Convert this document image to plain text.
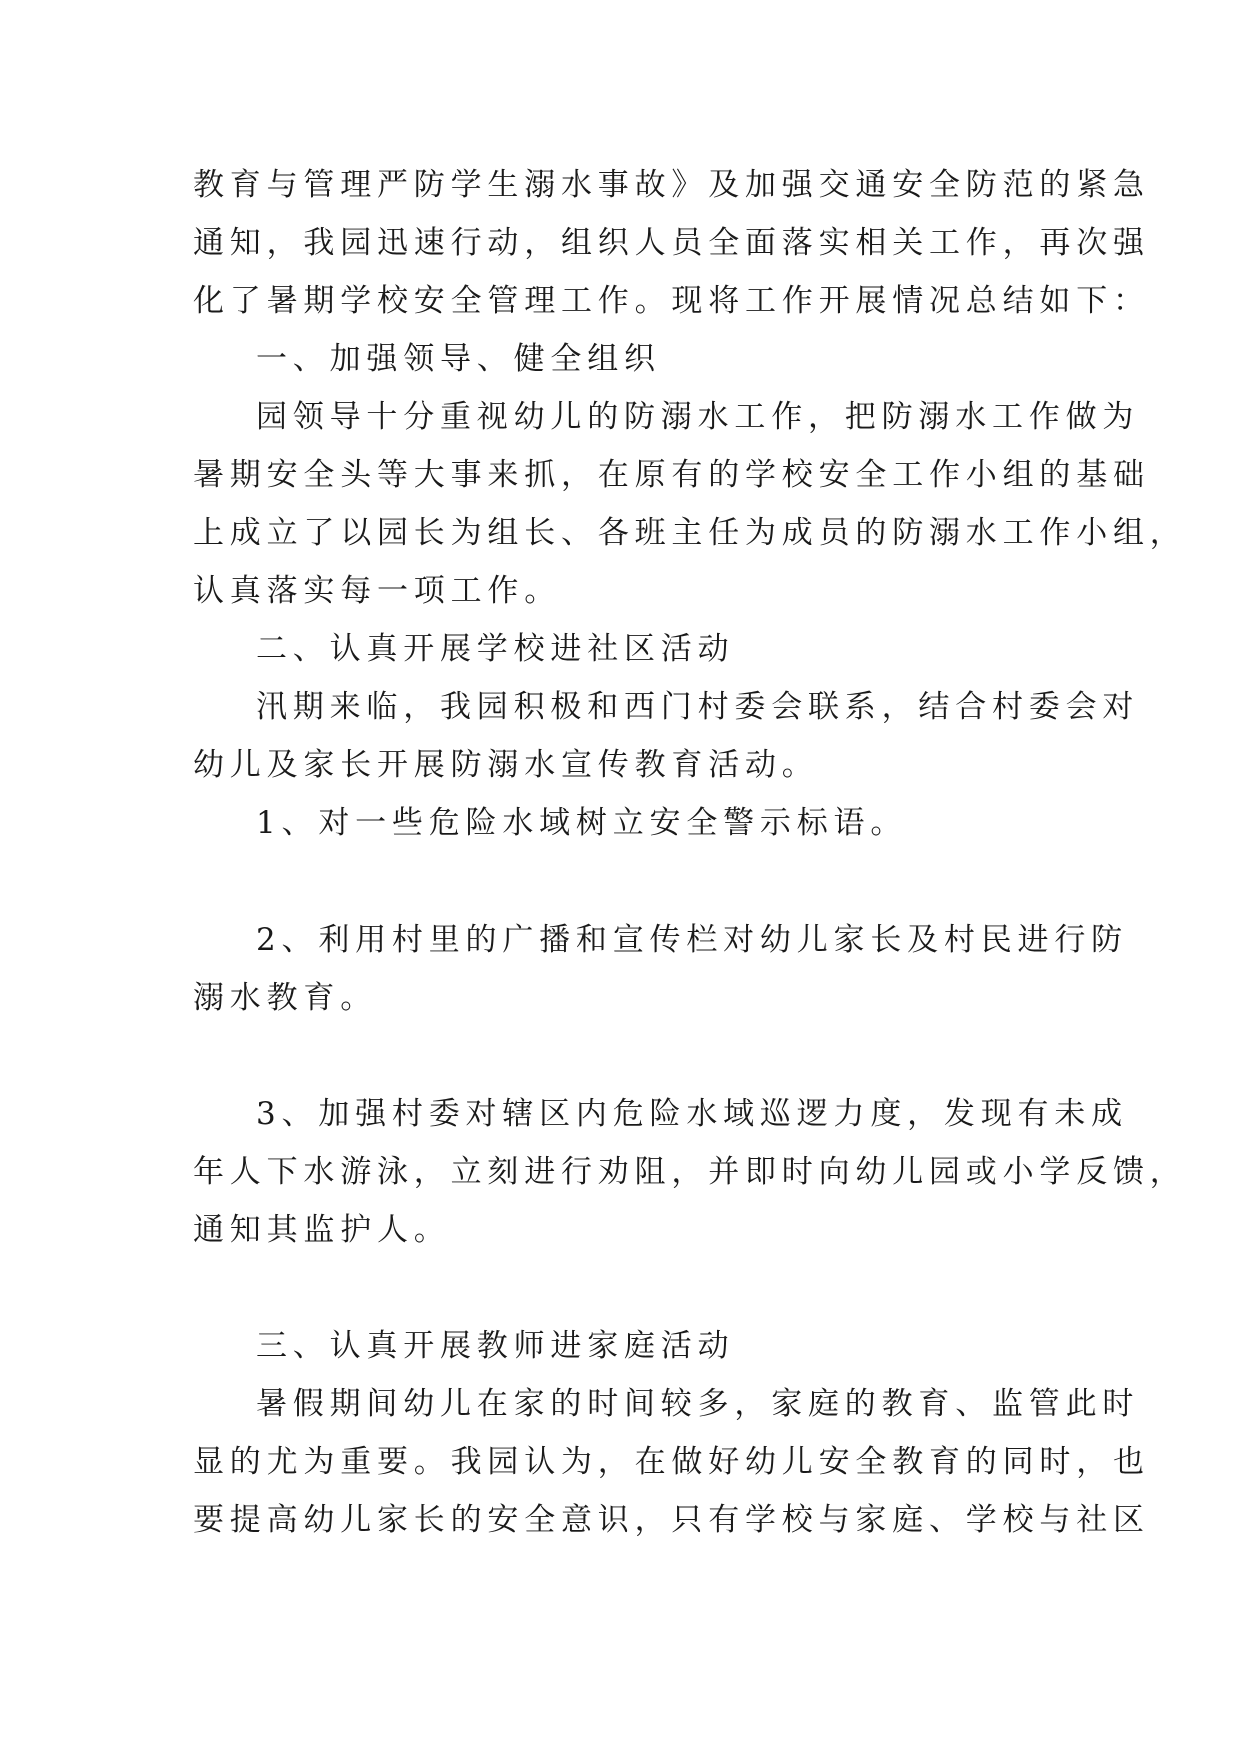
教育与管理严防学生溺水事故》及加强交通安全防范的紧急
通知，我园迅速行动，组织人员全面落实相关工作，再次强
化了暑期学校安全管理工作。现将工作开展情况总结如下：
一、加强领导、健全组织
园领导十分重视幼儿的防溺水工作，把防溺水工作做为
暑期安全头等大事来抓，在原有的学校安全工作小组的基础
上成立了以园长为组长、各班主任为成员的防溺水工作小组，
认真落实每一项工作。
二、认真开展学校进社区活动
汛期来临，我园积极和西门村委会联系，结合村委会对
幼儿及家长开展防溺水宣传教育活动。
1、对一些危险水域树立安全警示标语。
2、利用村里的广播和宣传栏对幼儿家长及村民进行防
溺水教育。
3、加强村委对辖区内危险水域巡逻力度，发现有未成
年人下水游泳，立刻进行劝阻，并即时向幼儿园或小学反馈，
通知其监护人。
三、认真开展教师进家庭活动
暑假期间幼儿在家的时间较多，家庭的教育、监管此时
显的尤为重要。我园认为，在做好幼儿安全教育的同时，也
要提高幼儿家长的安全意识，只有学校与家庭、学校与社区
